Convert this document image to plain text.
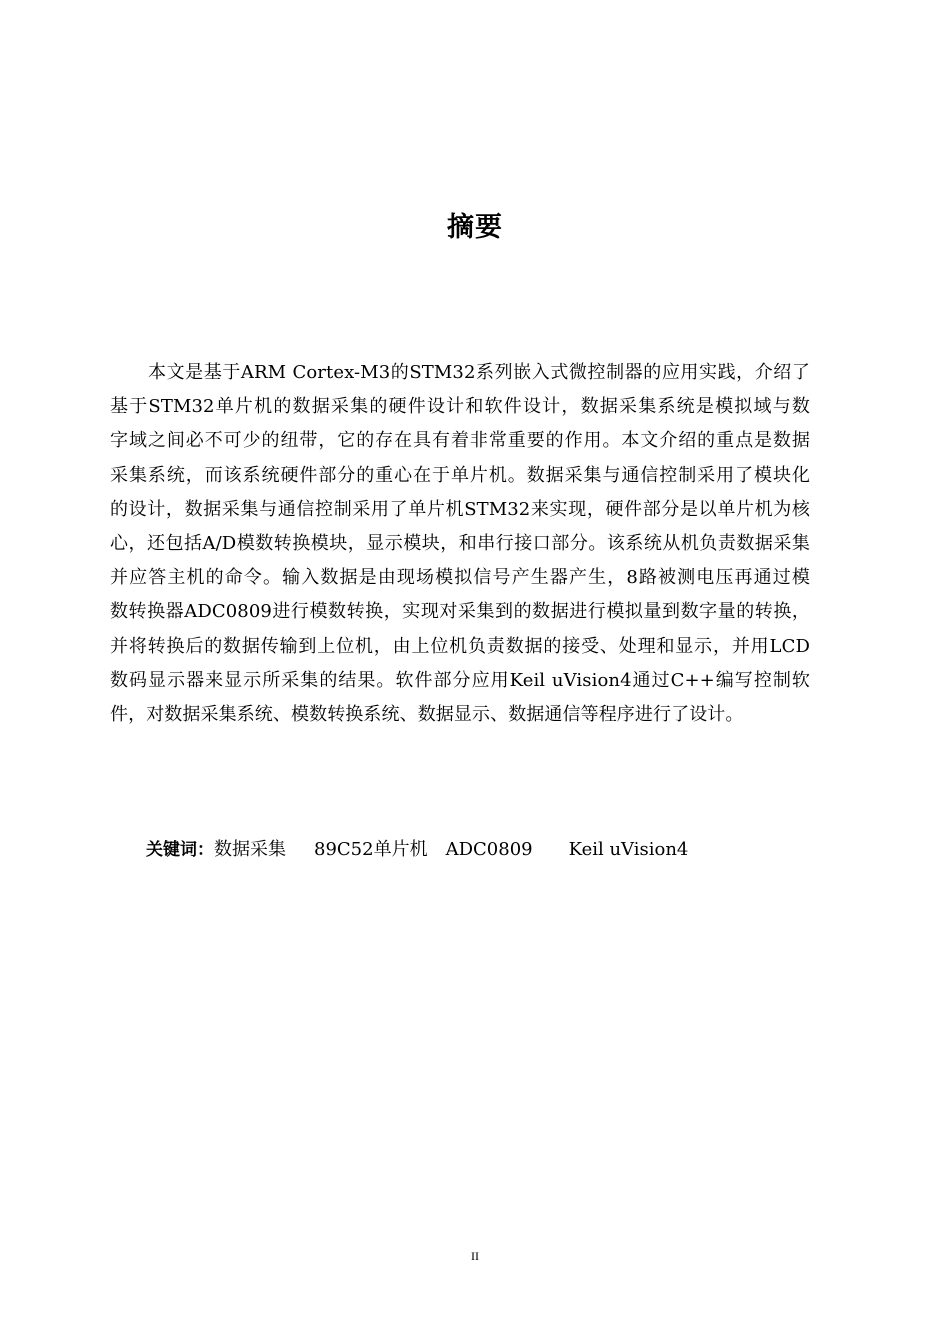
摘要
本文是基于ARM Cortex-M3的STM32系列嵌入式微控制器的应用实践，介绍了
基于STM32单片机的数据采集的硬件设计和软件设计，数据采集系统是模拟域与数
字域之间必不可少的纽带，它的存在具有着非常重要的作用。本文介绍的重点是数据
采集系统，而该系统硬件部分的重心在于单片机。数据采集与通信控制采用了模块化
的设计，数据采集与通信控制采用了单片机STM32来实现，硬件部分是以单片机为核
心，还包括A/D模数转换模块，显示模块，和串行接口部分。该系统从机负责数据采集
并应答主机的命令。输入数据是由现场模拟信号产生器产生，8路被测电压再通过模
数转换器ADC0809进行模数转换，实现对采集到的数据进行模拟量到数字量的转换，
并将转换后的数据传输到上位机，由上位机负责数据的接受、处理和显示，并用LCD
数码显示器来显示所采集的结果。软件部分应用Keil uVision4通过C++编写控制软
件，对数据采集系统、模数转换系统、数据显示、数据通信等程序进行了设计。
关键词：数据采集 89C52单片机 ADC0809 Keil uVision4
II
